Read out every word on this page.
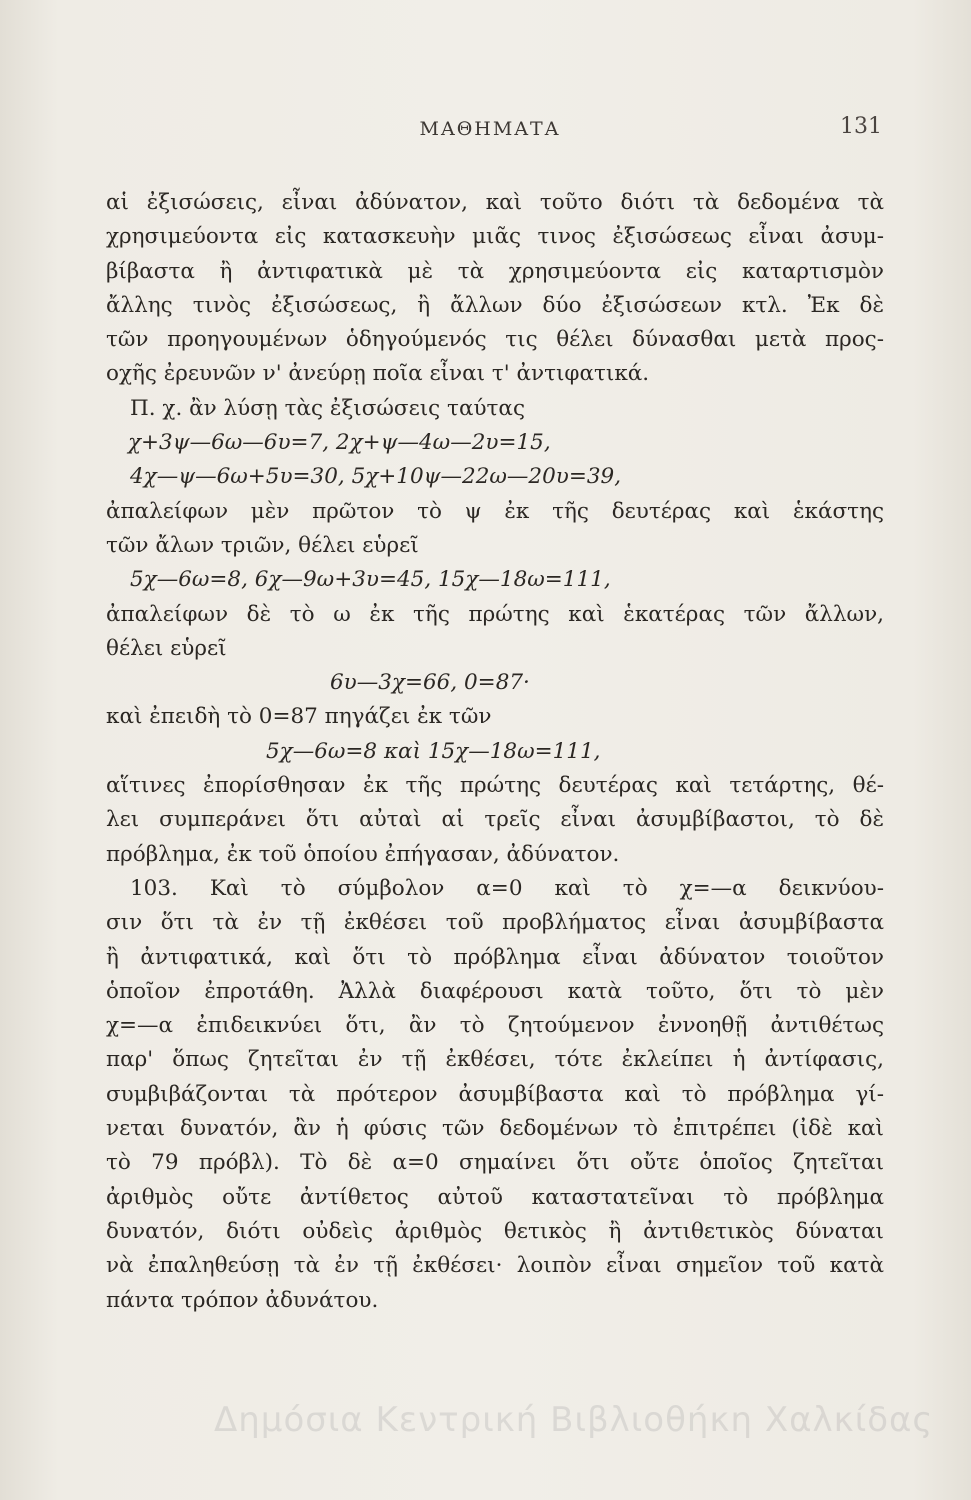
ΜΑΘΗΜΑΤΑ	131
αἱ ἐξισώσεις, εἶναι ἀδύνατον, καὶ τοῦτο διότι τὰ δεδομένα τὰ
χρησιμεύοντα εἰς κατασκευὴν μιᾶς τινος ἐξισώσεως εἶναι ἀσυμ-
βίβαστα ἢ ἀντιφατικὰ μὲ τὰ χρησιμεύοντα εἰς καταρτισμὸν
ἄλλης τινὸς ἐξισώσεως, ἢ ἄλλων δύο ἐξισώσεων κτλ. Ἐκ δὲ
τῶν προηγουμένων ὁδηγούμενός τις θέλει δύνασθαι μετὰ προς-
οχῆς ἐρευνῶν ν' ἀνεύρῃ ποῖα εἶναι τ' ἀντιφατικά.
Π. χ. ἂν λύσῃ τὰς ἐξισώσεις ταύτας
χ+3ψ—6ω—6υ=7, 2χ+ψ—4ω—2υ=15,
4χ—ψ—6ω+5υ=30, 5χ+10ψ—22ω—20υ=39,
ἀπαλείφων μὲν πρῶτον τὸ ψ ἐκ τῆς δευτέρας καὶ ἑκάστης
τῶν ἄλων τριῶν, θέλει εὑρεῖ
5χ—6ω=8, 6χ—9ω+3υ=45, 15χ—18ω=111,
ἀπαλείφων δὲ τὸ ω ἐκ τῆς πρώτης καὶ ἑκατέρας τῶν ἄλλων,
θέλει εὑρεῖ
6υ—3χ=66, 0=87·
καὶ ἐπειδὴ τὸ 0=87 πηγάζει ἐκ τῶν
5χ—6ω=8 καὶ 15χ—18ω=111,
αἵτινες ἐπορίσθησαν ἐκ τῆς πρώτης δευτέρας καὶ τετάρτης, θέ-
λει συμπεράνει ὅτι αὐταὶ αἱ τρεῖς εἶναι ἀσυμβίβαστοι, τὸ δὲ
πρόβλημα, ἐκ τοῦ ὁποίου ἐπήγασαν, ἀδύνατον.
103. Καὶ τὸ σύμβολον α=0 καὶ τὸ χ=—α δεικνύου-
σιν ὅτι τὰ ἐν τῇ ἐκθέσει τοῦ προβλήματος εἶναι ἀσυμβίβαστα
ἢ ἀντιφατικά, καὶ ὅτι τὸ πρόβλημα εἶναι ἀδύνατον τοιοῦτον
ὁποῖον ἐπροτάθη. Ἀλλὰ διαφέρουσι κατὰ τοῦτο, ὅτι τὸ μὲν
χ=—α ἐπιδεικνύει ὅτι, ἂν τὸ ζητούμενον ἐννοηθῇ ἀντιθέτως
παρ' ὅπως ζητεῖται ἐν τῇ ἐκθέσει, τότε ἐκλείπει ἡ ἀντίφασις,
συμβιβάζονται τὰ πρότερον ἀσυμβίβαστα καὶ τὸ πρόβλημα γί-
νεται δυνατόν, ἂν ἡ φύσις τῶν δεδομένων τὸ ἐπιτρέπει (ἰδὲ καὶ
τὸ 79 πρόβλ). Τὸ δὲ α=0 σημαίνει ὅτι οὔτε ὁποῖος ζητεῖται
ἀριθμὸς οὔτε ἀντίθετος αὐτοῦ καταστατεῖναι τὸ πρόβλημα
δυνατόν, διότι οὐδεὶς ἀριθμὸς θετικὸς ἢ ἀντιθετικὸς δύναται
νὰ ἐπαληθεύσῃ τὰ ἐν τῇ ἐκθέσει· λοιπὸν εἶναι σημεῖον τοῦ κατὰ
πάντα τρόπον ἀδυνάτου.
Δημόσια Κεντρική Βιβλιοθήκη Χαλκίδας
